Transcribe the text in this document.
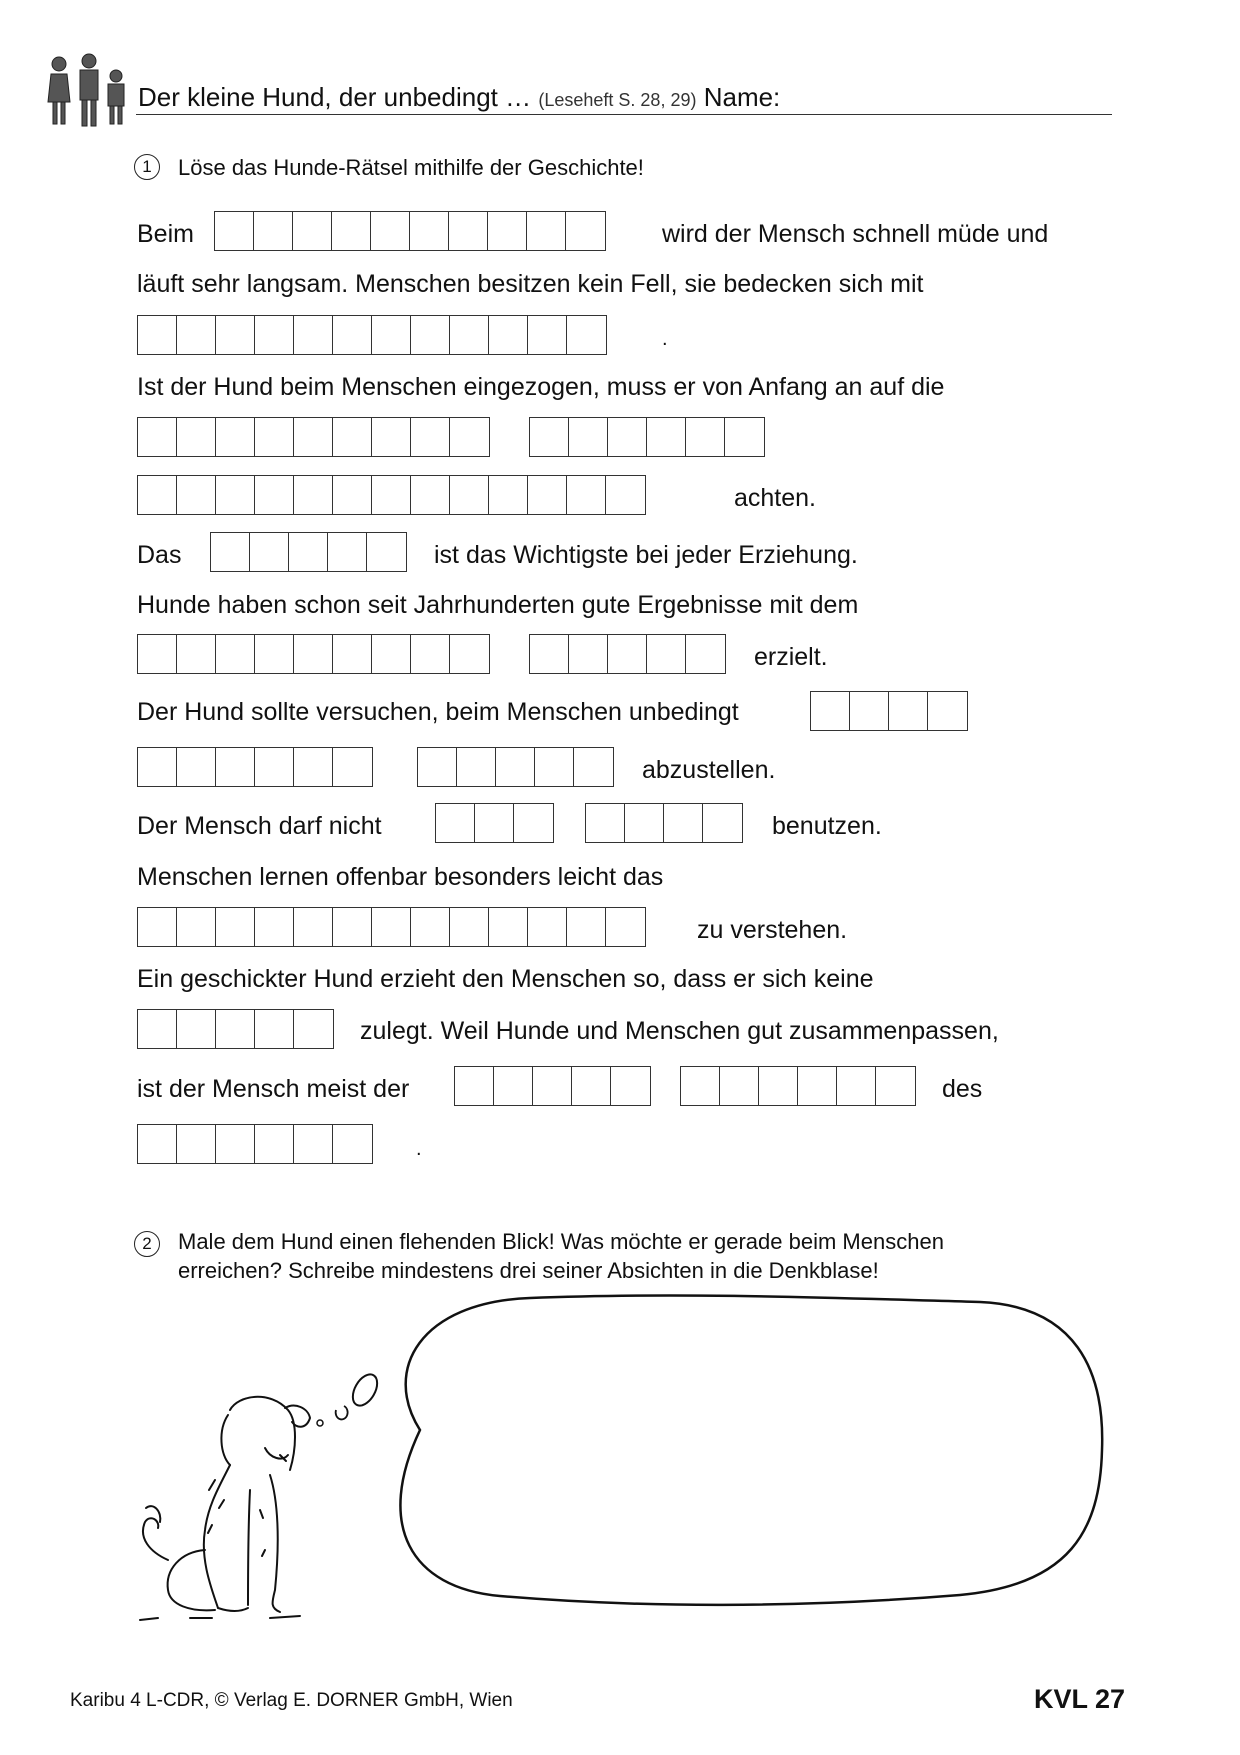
Der kleine Hund, der unbedingt … (Leseheft S. 28, 29) Name:
1	Löse das Hunde-Rätsel mithilfe der Geschichte!
Beim	wird der Mensch schnell müde und
läuft sehr langsam. Menschen besitzen kein Fell, sie bedecken sich mit
.
Ist der Hund beim Menschen eingezogen, muss er von Anfang an auf die
achten.
Das	ist das Wichtigste bei jeder Erziehung.
Hunde haben schon seit Jahrhunderten gute Ergebnisse mit dem
erzielt.
Der Hund sollte versuchen, beim Menschen unbedingt
abzustellen.
Der Mensch darf nicht	benutzen.
Menschen lernen offenbar besonders leicht das
zu verstehen.
Ein geschickter Hund erzieht den Menschen so, dass er sich keine
zulegt. Weil Hunde und Menschen gut zusammenpassen,
ist der Mensch meist der	des
.
2	Male dem Hund einen flehenden Blick! Was möchte er gerade beim Menschen
erreichen? Schreibe mindestens drei seiner Absichten in die Denkblase!
Karibu 4 L-CDR, © Verlag E. DORNER GmbH, Wien	KVL 27
